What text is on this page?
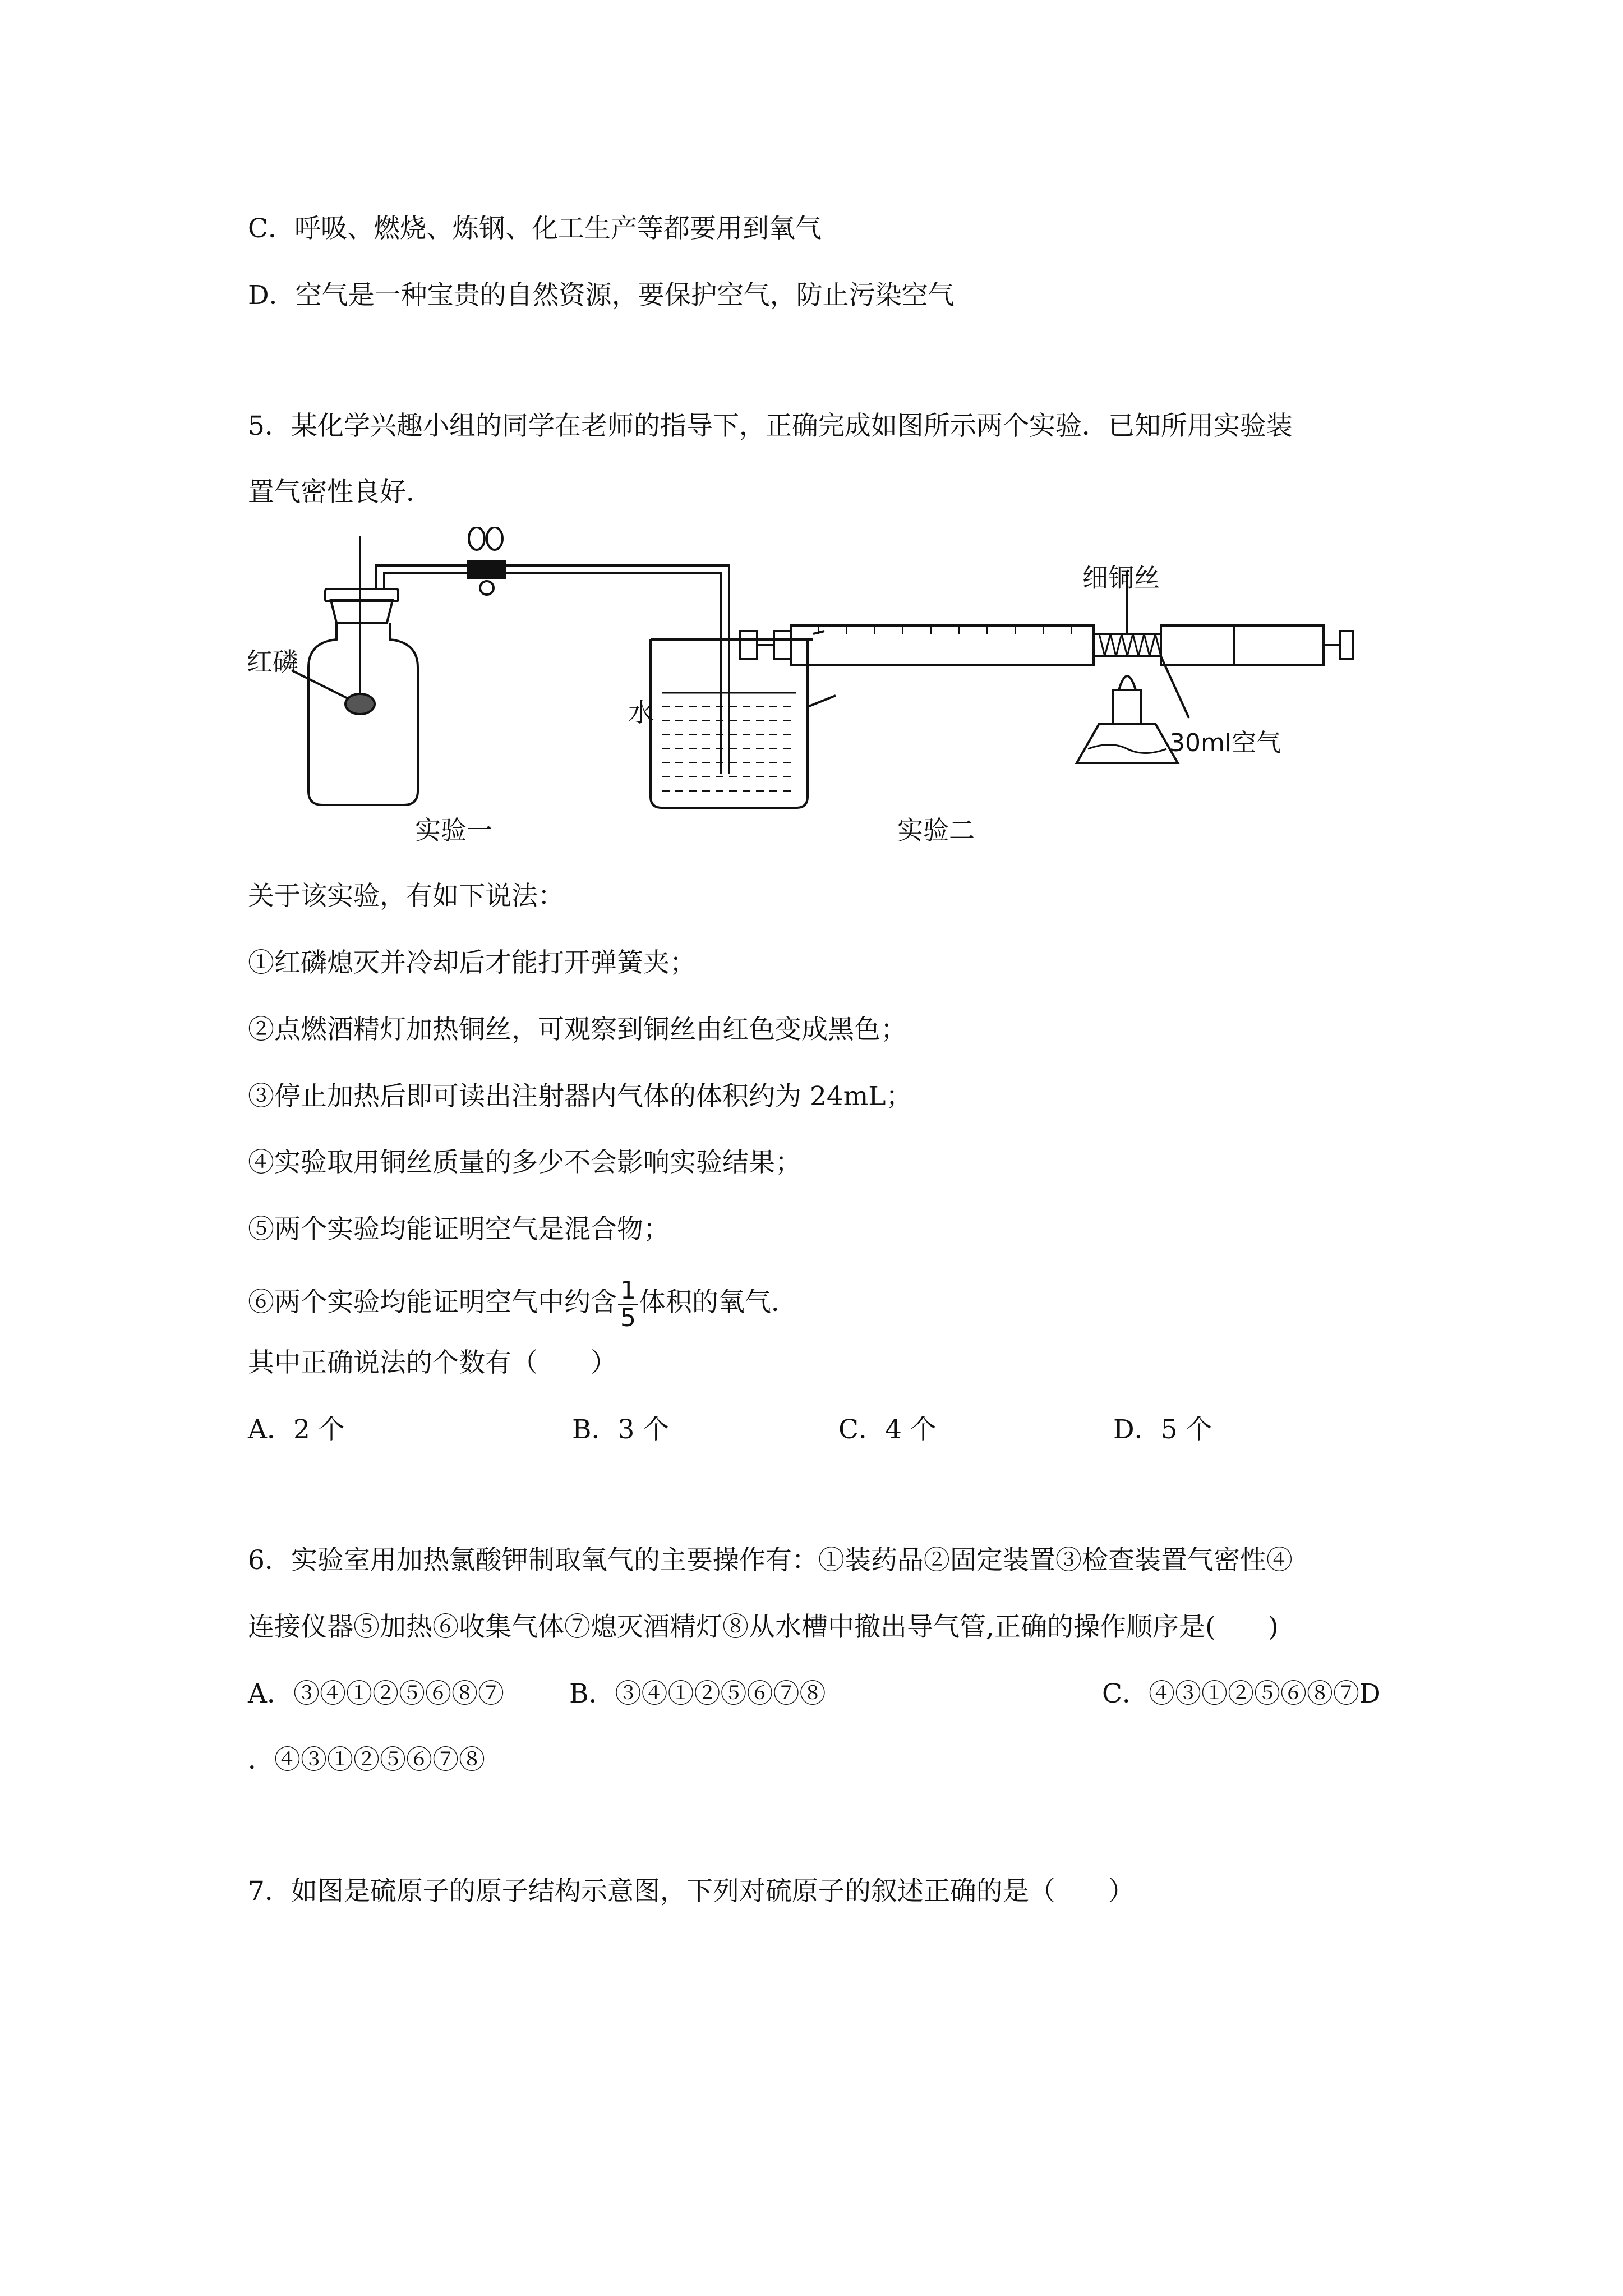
C．呼吸、燃烧、炼钢、化工生产等都要用到氧气
D．空气是一种宝贵的自然资源，要保护空气，防止污染空气
5．某化学兴趣小组的同学在老师的指导下，正确完成如图所示两个实验．已知所用实验装
置气密性良好．
红磷
水
细铜丝
30ml空气
实验一	实验二
关于该实验，有如下说法：
①红磷熄灭并冷却后才能打开弹簧夹；
②点燃酒精灯加热铜丝，可观察到铜丝由红色变成黑色；
③停止加热后即可读出注射器内气体的体积约为 24mL；
④实验取用铜丝质量的多少不会影响实验结果；
⑤两个实验均能证明空气是混合物；
⑥两个实验均能证明空气中约含 $\frac{1}{5}$ 体积的氧气．
其中正确说法的个数有（　　）
A．2 个	B．3 个	C．4 个	D．5 个
6．实验室用加热氯酸钾制取氧气的主要操作有：①装药品②固定装置③检查装置气密性④
连接仪器⑤加热⑥收集气体⑦熄灭酒精灯⑧从水槽中撤出导气管,正确的操作顺序是(　　)
A．③④①②⑤⑥⑧⑦ B．③④①②⑤⑥⑦⑧	C．④③①②⑤⑥⑧⑦D
．④③①②⑤⑥⑦⑧
7．如图是硫原子的原子结构示意图，下列对硫原子的叙述正确的是（　　）
